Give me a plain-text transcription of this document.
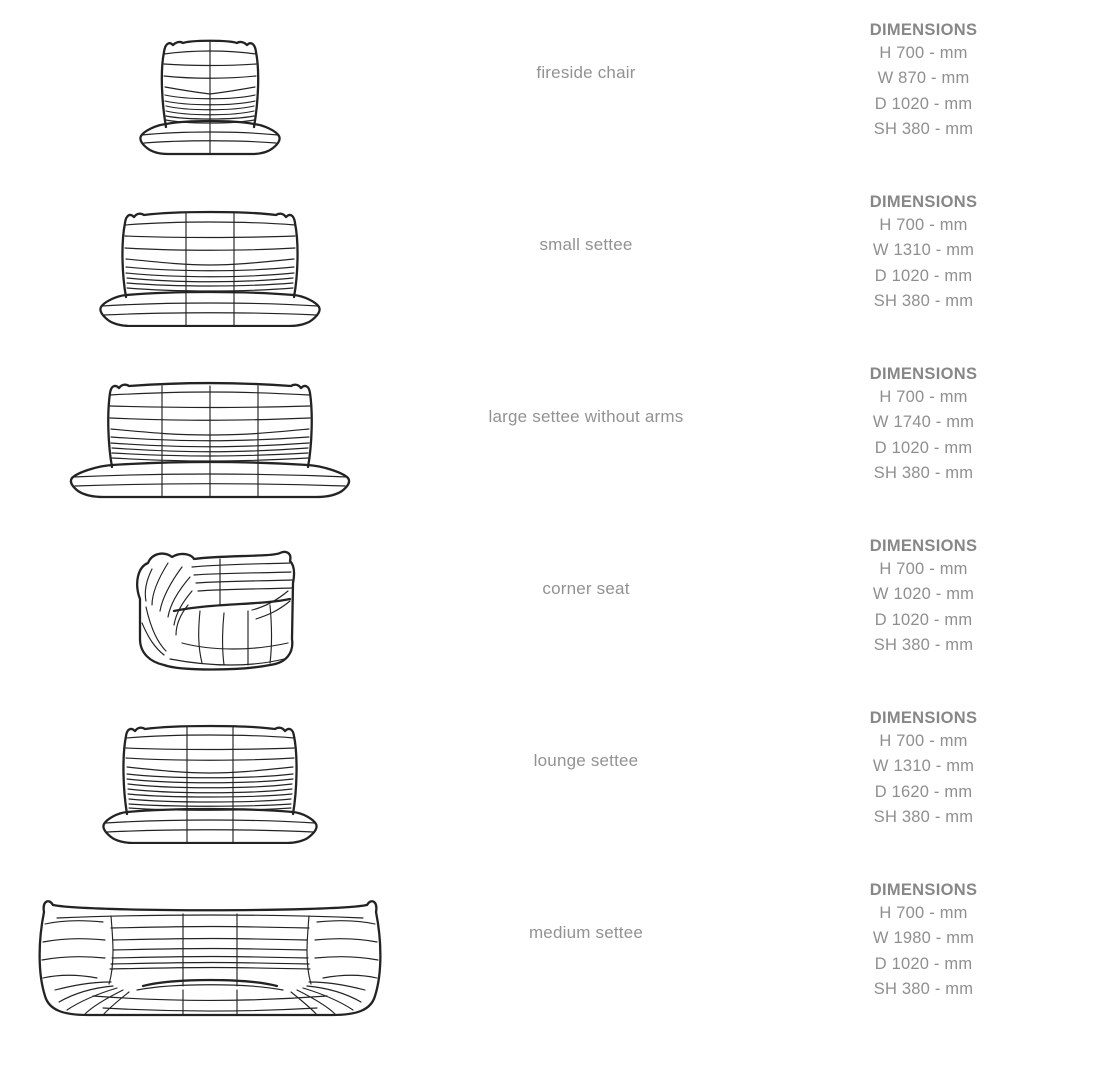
fireside chair
DIMENSIONS
H 700 - mm
W 870 - mm
D 1020 - mm
SH 380 - mm
small settee
DIMENSIONS
H 700 - mm
W 1310 - mm
D 1020 - mm
SH 380 - mm
large settee without arms
DIMENSIONS
H 700 - mm
W 1740 - mm
D 1020 - mm
SH 380 - mm
corner seat
DIMENSIONS
H 700 - mm
W 1020 - mm
D 1020 - mm
SH 380 - mm
lounge settee
DIMENSIONS
H 700 - mm
W 1310 - mm
D 1620 - mm
SH 380 - mm
medium settee
DIMENSIONS
H 700 - mm
W 1980 - mm
D 1020 - mm
SH 380 - mm
